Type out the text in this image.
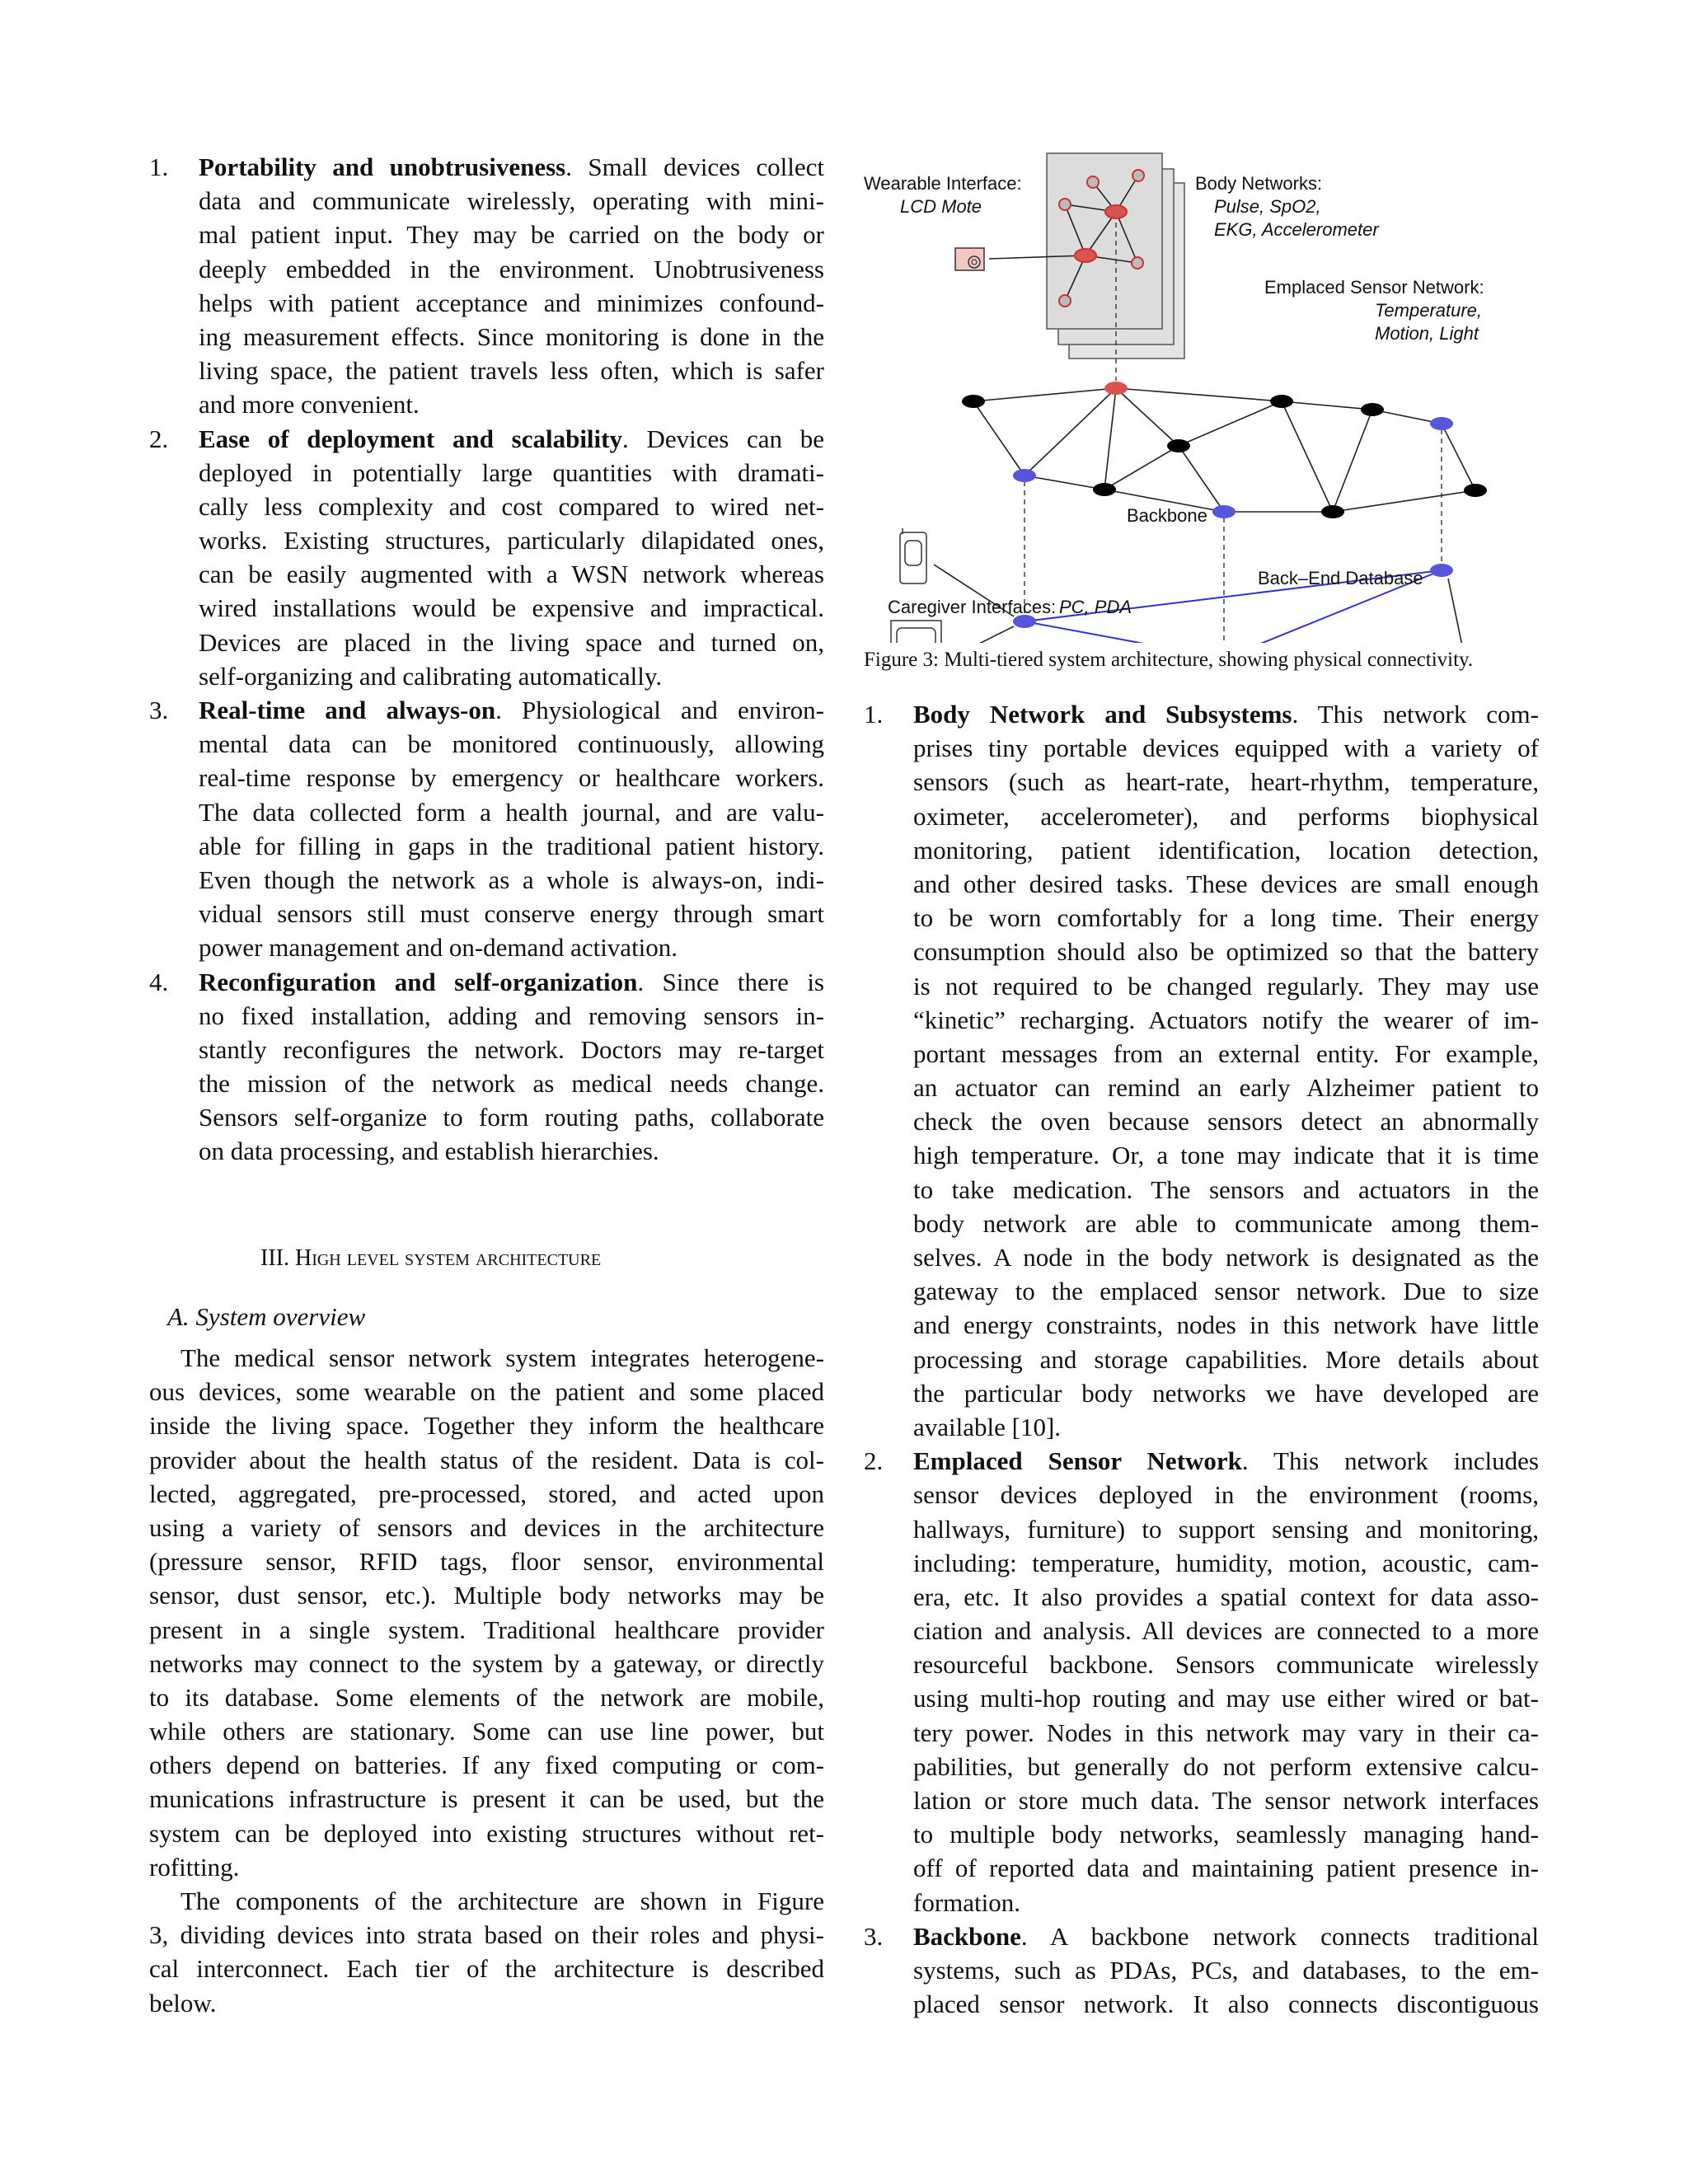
1. Portability and unobtrusiveness. Small devices collect
data and communicate wirelessly, operating with mini-
mal patient input. They may be carried on the body or
deeply embedded in the environment. Unobtrusiveness
helps with patient acceptance and minimizes confound-
ing measurement effects. Since monitoring is done in the
living space, the patient travels less often, which is safer
and more convenient.
2. Ease of deployment and scalability. Devices can be
deployed in potentially large quantities with dramati-
cally less complexity and cost compared to wired net-
works. Existing structures, particularly dilapidated ones,
can be easily augmented with a WSN network whereas
wired installations would be expensive and impractical.
Devices are placed in the living space and turned on,
self-organizing and calibrating automatically.
3. Real-time and always-on. Physiological and environ-
mental data can be monitored continuously, allowing
real-time response by emergency or healthcare workers.
The data collected form a health journal, and are valu-
able for filling in gaps in the traditional patient history.
Even though the network as a whole is always-on, indi-
vidual sensors still must conserve energy through smart
power management and on-demand activation.
4. Reconfiguration and self-organization. Since there is
no fixed installation, adding and removing sensors in-
stantly reconfigures the network. Doctors may re-target
the mission of the network as medical needs change.
Sensors self-organize to form routing paths, collaborate
on data processing, and establish hierarchies.
III. High level system architecture
A. System overview
The medical sensor network system integrates heterogene-
ous devices, some wearable on the patient and some placed
inside the living space. Together they inform the healthcare
provider about the health status of the resident. Data is col-
lected, aggregated, pre-processed, stored, and acted upon
using a variety of sensors and devices in the architecture
(pressure sensor, RFID tags, floor sensor, environmental
sensor, dust sensor, etc.). Multiple body networks may be
present in a single system. Traditional healthcare provider
networks may connect to the system by a gateway, or directly
to its database. Some elements of the network are mobile,
while others are stationary. Some can use line power, but
others depend on batteries. If any fixed computing or com-
munications infrastructure is present it can be used, but the
system can be deployed into existing structures without ret-
rofitting.
The components of the architecture are shown in Figure
3, dividing devices into strata based on their roles and physi-
cal interconnect. Each tier of the architecture is described
below.
Wearable Interface:
LCD Mote
Body Networks:
Pulse, SpO2,
EKG, Accelerometer
Emplaced Sensor Network:
Temperature,
Motion, Light
Backbone
Back–End Database
Caregiver Interfaces: PC, PDA
Figure 3: Multi-tiered system architecture, showing physical connectivity.
1. Body Network and Subsystems. This network com-
prises tiny portable devices equipped with a variety of
sensors (such as heart-rate, heart-rhythm, temperature,
oximeter, accelerometer), and performs biophysical
monitoring, patient identification, location detection,
and other desired tasks. These devices are small enough
to be worn comfortably for a long time. Their energy
consumption should also be optimized so that the battery
is not required to be changed regularly. They may use
“kinetic” recharging. Actuators notify the wearer of im-
portant messages from an external entity. For example,
an actuator can remind an early Alzheimer patient to
check the oven because sensors detect an abnormally
high temperature. Or, a tone may indicate that it is time
to take medication. The sensors and actuators in the
body network are able to communicate among them-
selves. A node in the body network is designated as the
gateway to the emplaced sensor network. Due to size
and energy constraints, nodes in this network have little
processing and storage capabilities. More details about
the particular body networks we have developed are
available [10].
2. Emplaced Sensor Network. This network includes
sensor devices deployed in the environment (rooms,
hallways, furniture) to support sensing and monitoring,
including: temperature, humidity, motion, acoustic, cam-
era, etc. It also provides a spatial context for data asso-
ciation and analysis. All devices are connected to a more
resourceful backbone. Sensors communicate wirelessly
using multi-hop routing and may use either wired or bat-
tery power. Nodes in this network may vary in their ca-
pabilities, but generally do not perform extensive calcu-
lation or store much data. The sensor network interfaces
to multiple body networks, seamlessly managing hand-
off of reported data and maintaining patient presence in-
formation.
3. Backbone. A backbone network connects traditional
systems, such as PDAs, PCs, and databases, to the em-
placed sensor network. It also connects discontiguous
